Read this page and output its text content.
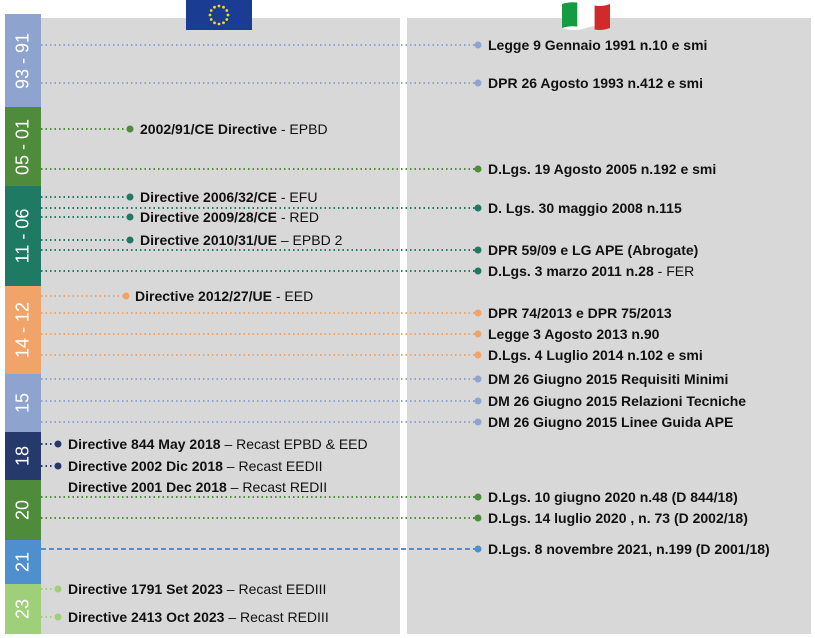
93 - 91
05 - 01
11 - 06
14 - 12
15
18
20
21
23
2002/91/CE Directive - EPBD
Directive 2006/32/CE - EFU
Directive 2009/28/CE - RED
Directive 2010/31/UE – EPBD 2
Directive 2012/27/UE - EED
Directive 844 May 2018 – Recast EPBD & EED
Directive 2002 Dic 2018 – Recast EEDII
Directive 2001 Dec 2018 – Recast REDII
Directive 1791 Set 2023 – Recast EEDIII
Directive 2413 Oct 2023 – Recast REDIII
Legge 9 Gennaio 1991 n.10 e smi
DPR 26 Agosto 1993 n.412 e smi
D.Lgs. 19 Agosto 2005 n.192 e smi
D. Lgs. 30 maggio 2008 n.115
DPR 59/09 e LG APE (Abrogate)
D.Lgs. 3 marzo 2011 n.28 - FER
DPR 74/2013 e DPR 75/2013
Legge 3 Agosto 2013 n.90
D.Lgs. 4 Luglio 2014 n.102 e smi
DM 26 Giugno 2015 Requisiti Minimi
DM 26 Giugno 2015 Relazioni Tecniche
DM 26 Giugno 2015 Linee Guida APE
D.Lgs. 10 giugno 2020 n.48 (D 844/18)
D.Lgs. 14 luglio 2020 , n. 73 (D 2002/18)
D.Lgs. 8 novembre 2021, n.199 (D 2001/18)
